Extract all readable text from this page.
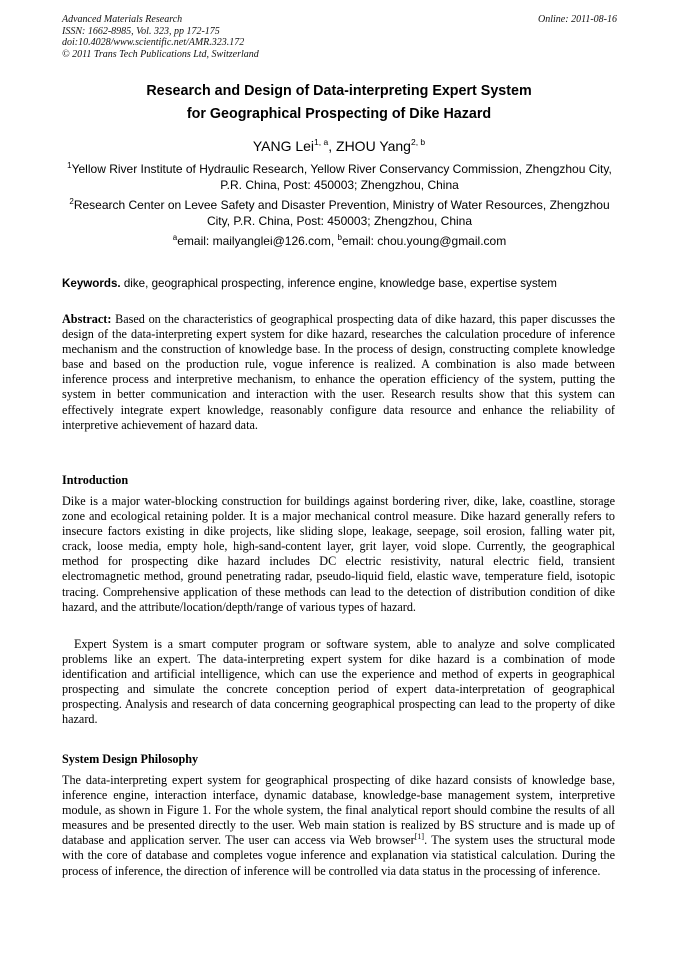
Advanced Materials Research
ISSN: 1662-8985, Vol. 323, pp 172-175
doi:10.4028/www.scientific.net/AMR.323.172
© 2011 Trans Tech Publications Ltd, Switzerland
Online: 2011-08-16
Research and Design of Data-interpreting Expert System
for Geographical Prospecting of Dike Hazard
YANG Lei$^{1, a}$, ZHOU Yang$^{2, b}$
$^1$Yellow River Institute of Hydraulic Research, Yellow River Conservancy Commission, Zhengzhou City, P.R. China, Post: 450003; Zhengzhou, China
$^2$Research Center on Levee Safety and Disaster Prevention, Ministry of Water Resources, Zhengzhou City, P.R. China, Post: 450003; Zhengzhou, China
$^a$email: mailyanglei@126.com, $^b$email: chou.young@gmail.com
Keywords. dike, geographical prospecting, inference engine, knowledge base, expertise system
Abstract: Based on the characteristics of geographical prospecting data of dike hazard, this paper discusses the design of the data-interpreting expert system for dike hazard, researches the calculation procedure of inference mechanism and the construction of knowledge base. In the process of design, constructing complete knowledge base and based on the production rule, vogue inference is realized. A combination is also made between inference process and interpretive mechanism, to enhance the operation efficiency of the system, putting the system in better communication and interaction with the user. Research results show that this system can effectively integrate expert knowledge, reasonably configure data resource and enhance the reliability of interpretive achievement of hazard data.
Introduction
Dike is a major water-blocking construction for buildings against bordering river, dike, lake, coastline, storage zone and ecological retaining polder. It is a major mechanical control measure. Dike hazard generally refers to insecure factors existing in dike projects, like sliding slope, leakage, seepage, soil erosion, falling water pit, crack, loose media, empty hole, high-sand-content layer, grit layer, void slope. Currently, the geographical method for prospecting dike hazard includes DC electric resistivity, natural electric field, transient electromagnetic method, ground penetrating radar, pseudo-liquid field, elastic wave, temperature field, isotopic tracing. Comprehensive application of these methods can lead to the detection of distribution condition of dike hazard, and the attribute/location/depth/range of various types of hazard.
Expert System is a smart computer program or software system, able to analyze and solve complicated problems like an expert. The data-interpreting expert system for dike hazard is a combination of mode identification and artificial intelligence, which can use the experience and method of experts in geographical prospecting and simulate the concrete conception period of expert data-interpretation of geographical prospecting. Analysis and research of data concerning geographical prospecting can lead to the property of dike hazard.
System Design Philosophy
The data-interpreting expert system for geographical prospecting of dike hazard consists of knowledge base, inference engine, interaction interface, dynamic database, knowledge-base management system, interpretive module, as shown in Figure 1. For the whole system, the final analytical report should combine the results of all measures and be presented directly to the user. Web main station is realized by BS structure and is made up of database and application server. The user can access via Web browser[1]. The system uses the structural mode with the core of database and completes vogue inference and explanation via statistical calculation. During the process of inference, the direction of inference will be controlled via data status in the processing of inference.
